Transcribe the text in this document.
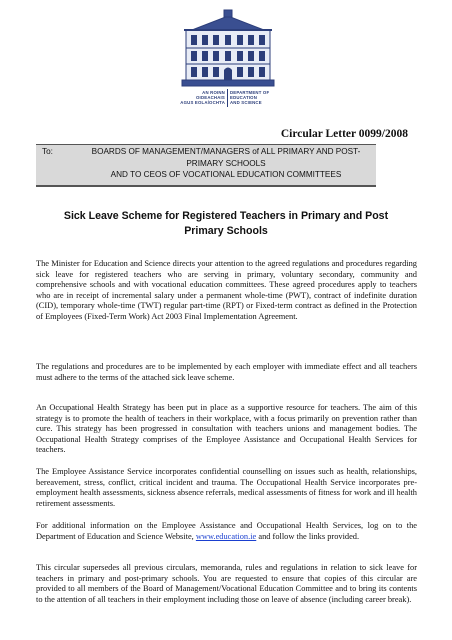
AN ROINN
OIDEACHAIS
AGUS EOLAÍOCHTA
DEPARTMENT OF
EDUCATION
AND SCIENCE
Circular Letter 0099/2008
To:	BOARDS OF MANAGEMENT/MANAGERS of ALL PRIMARY AND POST-
PRIMARY SCHOOLS
AND TO CEOS OF VOCATIONAL EDUCATION COMMITTEES
Sick Leave Scheme for Registered Teachers in Primary and Post
Primary Schools

The Minister for Education and Science directs your attention to the agreed regulations and procedures regarding sick leave for registered teachers who are serving in primary, voluntary secondary, community and comprehensive schools and with vocational education committees. These agreed procedures apply to teachers who are in receipt of incremental salary under a permanent whole-time (PWT), contract of indefinite duration (CID), temporary whole-time (TWT) regular part-time (RPT) or Fixed-term contract as defined in the Protection of Employees (Fixed-Term Work) Act 2003 Final Implementation Agreement.

The regulations and procedures are to be implemented by each employer with immediate effect and all teachers must adhere to the terms of the attached sick leave scheme.

An Occupational Health Strategy has been put in place as a supportive resource for teachers. The aim of this strategy is to promote the health of teachers in their workplace, with a focus primarily on prevention rather than cure. This strategy has been progressed in consultation with teachers unions and management bodies. The Occupational Health Strategy comprises of the Employee Assistance and Occupational Health Services for teachers.

The Employee Assistance Service incorporates confidential counselling on issues such as health, relationships, bereavement, stress, conflict, critical incident and trauma. The Occupational Health Service incorporates pre-employment health assessments, sickness absence referrals, medical assessments of fitness for work and ill health retirement assessments.

For additional information on the Employee Assistance and Occupational Health Services, log on to the Department of Education and Science Website, www.education.ie and follow the links provided.

This circular supersedes all previous circulars, memoranda, rules and regulations in relation to sick leave for teachers in primary and post-primary schools. You are requested to ensure that copies of this circular are provided to all members of the Board of Management/Vocational Education Committee and to bring its contents to the attention of all teachers in their employment including those on leave of absence (including career break).
